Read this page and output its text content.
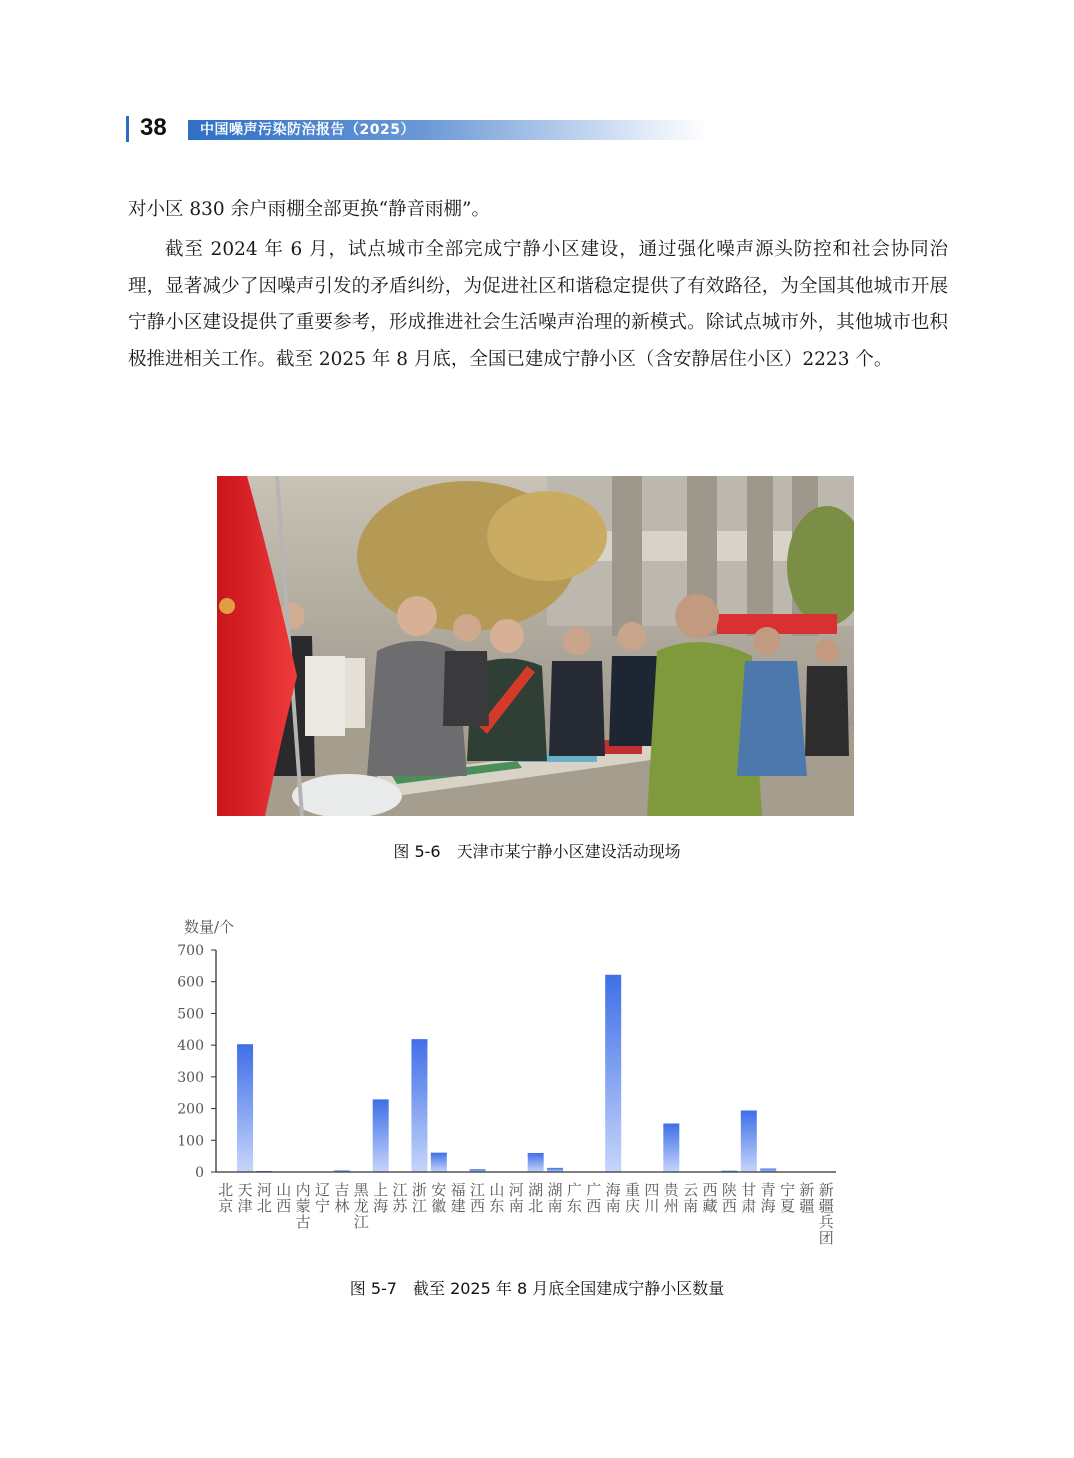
38 中国噪声污染防治报告（2025）
对小区 830 余户雨棚全部更换“静音雨棚”。
截至 2024 年 6 月，试点城市全部完成宁静小区建设，通过强化噪声源头防控和社会协同治理，显著减少了因噪声引发的矛盾纠纷，为促进社区和谐稳定提供了有效路径，为全国其他城市开展宁静小区建设提供了重要参考，形成推进社会生活噪声治理的新模式。除试点城市外，其他城市也积极推进相关工作。截至 2025 年 8 月底，全国已建成宁静小区（含安静居住小区）2223 个。
图 5-6　天津市某宁静小区建设活动现场
数量/个
0
100
200
300
400
500
600
700
北京
天津
河北
山西
内蒙古
辽宁
吉林
黑龙江
上海
江苏
浙江
安徽
福建
江西
山东
河南
湖北
湖南
广东
广西
海南
重庆
四川
贵州
云南
西藏
陕西
甘肃
青海
宁夏
新疆
新疆兵团
图 5-7　截至 2025 年 8 月底全国建成宁静小区数量
